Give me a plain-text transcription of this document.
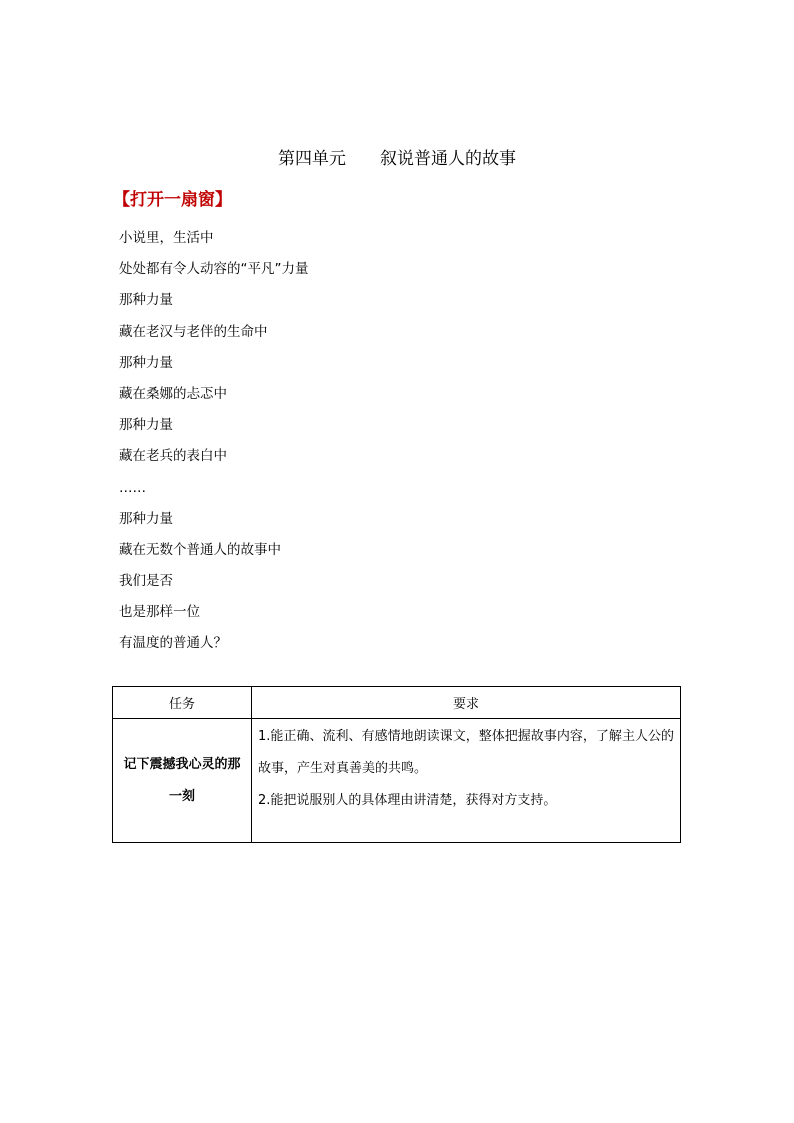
第四单元　　叙说普通人的故事
【打开一扇窗】
小说里，生活中
处处都有令人动容的“平凡”力量
那种力量
藏在老汉与老伴的生命中
那种力量
藏在桑娜的忐忑中
那种力量
藏在老兵的表白中
……
那种力量
藏在无数个普通人的故事中
我们是否
也是那样一位
有温度的普通人？
任务	要求
记下震撼我心灵的那一刻	1.能正确、流利、有感情地朗读课文，整体把握故事内容，了解主人公的故事，产生对真善美的共鸣。

2.能把说服别人的具体理由讲清楚，获得对方支持。
